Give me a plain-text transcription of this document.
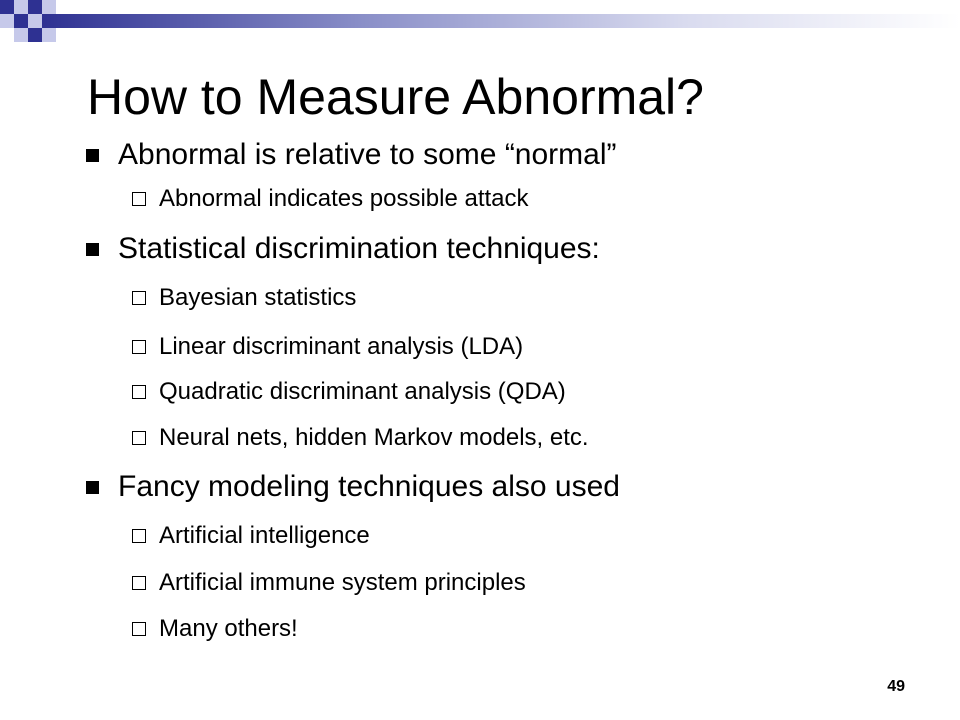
How to Measure Abnormal?
Abnormal is relative to some “normal”
Abnormal indicates possible attack
Statistical discrimination techniques:
Bayesian statistics
Linear discriminant analysis (LDA)
Quadratic discriminant analysis (QDA)
Neural nets, hidden Markov models, etc.
Fancy modeling techniques also used
Artificial intelligence
Artificial immune system principles
Many others!
49
